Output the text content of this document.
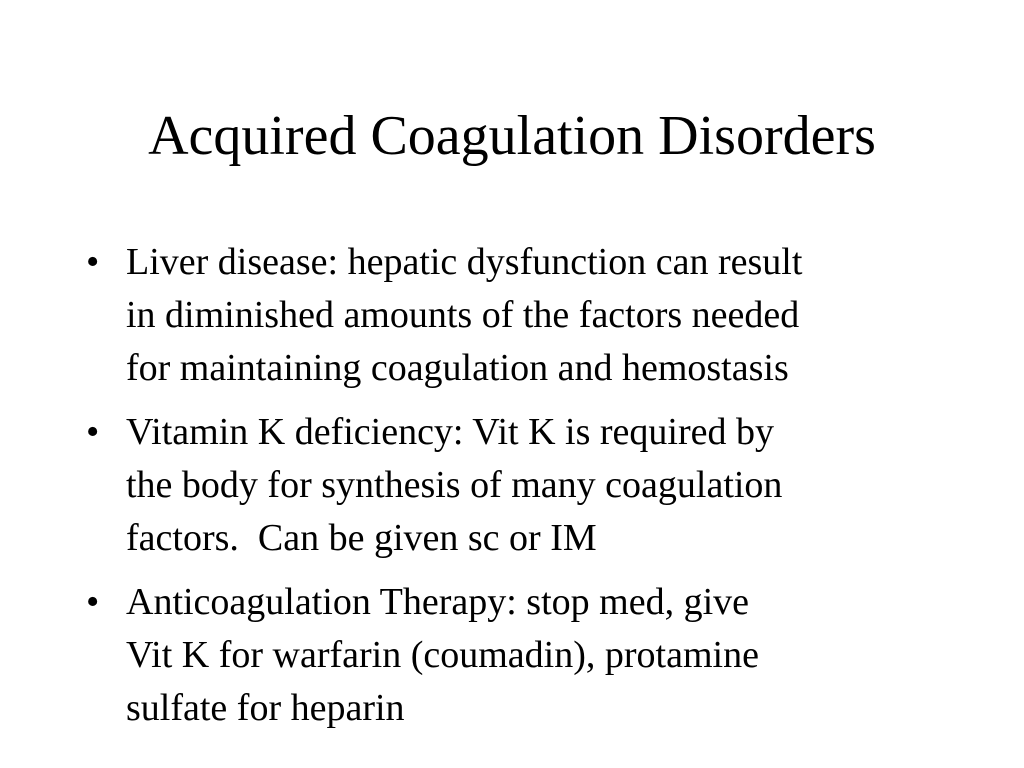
Acquired Coagulation Disorders
• Liver disease: hepatic dysfunction can result
in diminished amounts of the factors needed
for maintaining coagulation and hemostasis
• Vitamin K deficiency: Vit K is required by
the body for synthesis of many coagulation
factors.  Can be given sc or IM
• Anticoagulation Therapy: stop med, give
Vit K for warfarin (coumadin), protamine
sulfate for heparin
